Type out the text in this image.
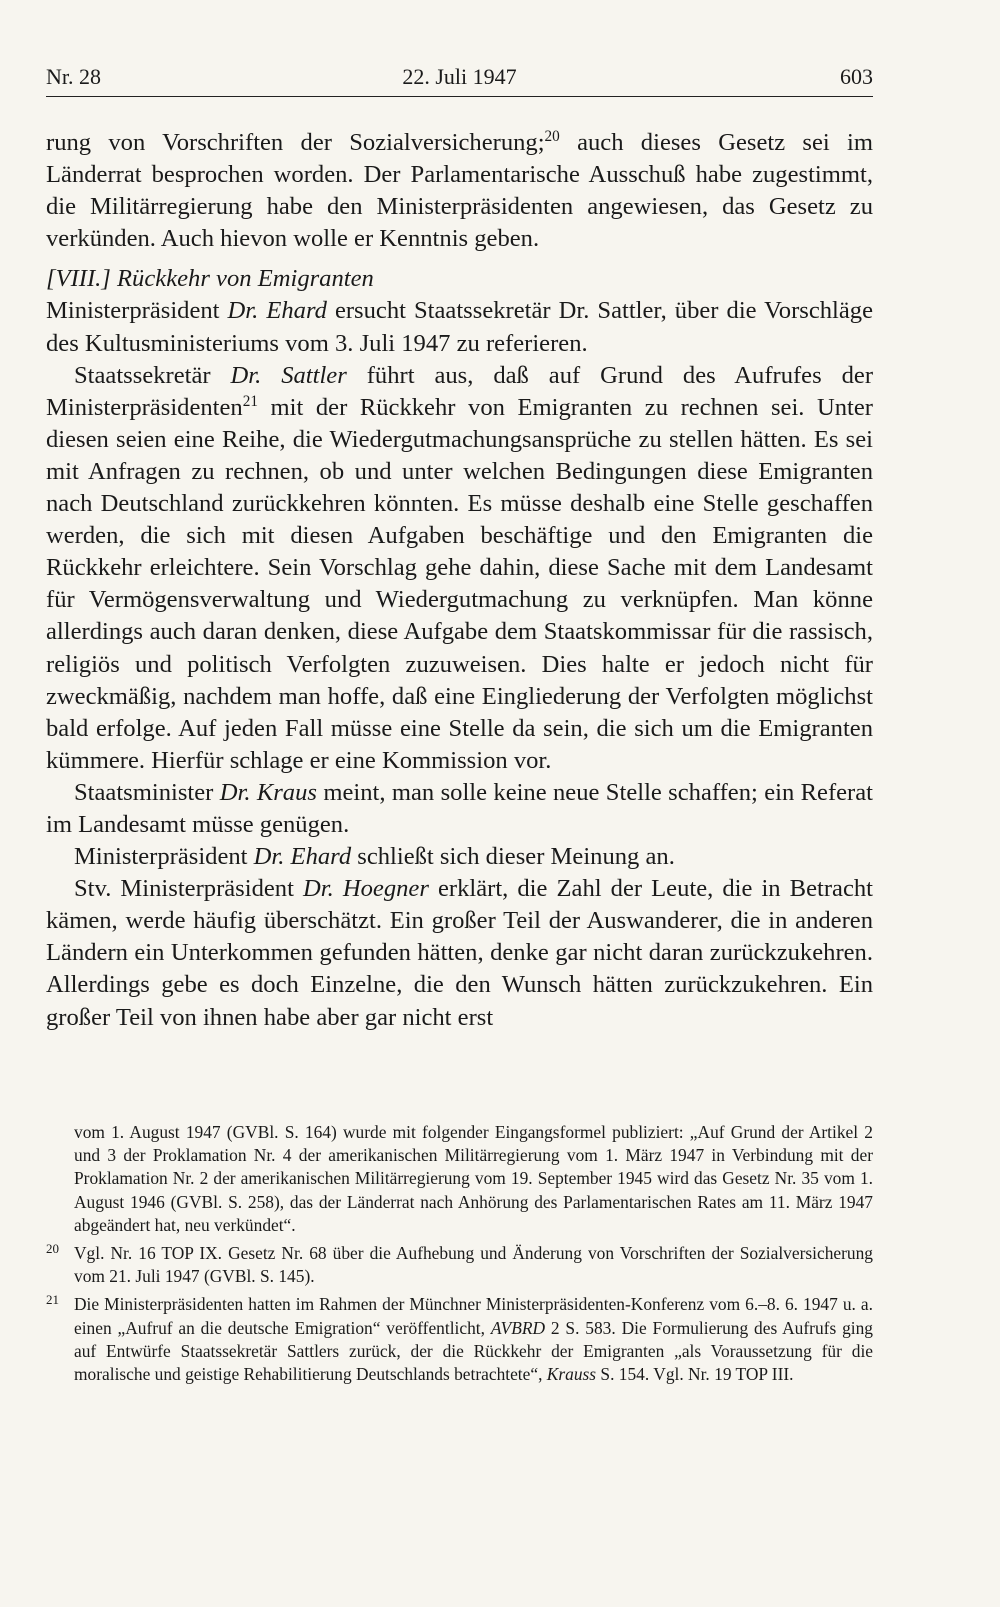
Nr. 28	22. Juli 1947	603

rung von Vorschriften der Sozialversicherung;$^{20}$ auch dieses Gesetz sei im Länderrat besprochen worden. Der Parlamentarische Ausschuß habe zugestimmt, die Militärregierung habe den Ministerpräsidenten angewiesen, das Gesetz zu verkünden. Auch hievon wolle er Kenntnis geben.

[VIII.] Rückkehr von Emigranten

Ministerpräsident Dr. Ehard ersucht Staatssekretär Dr. Sattler, über die Vorschläge des Kultusministeriums vom 3. Juli 1947 zu referieren.

Staatssekretär Dr. Sattler führt aus, daß auf Grund des Aufrufes der Ministerpräsidenten$^{21}$ mit der Rückkehr von Emigranten zu rechnen sei. Unter diesen seien eine Reihe, die Wiedergutmachungsansprüche zu stellen hätten. Es sei mit Anfragen zu rechnen, ob und unter welchen Bedingungen diese Emigranten nach Deutschland zurückkehren könnten. Es müsse deshalb eine Stelle geschaffen werden, die sich mit diesen Aufgaben beschäftige und den Emigranten die Rückkehr erleichtere. Sein Vorschlag gehe dahin, diese Sache mit dem Landesamt für Vermögensverwaltung und Wiedergutmachung zu verknüpfen. Man könne allerdings auch daran denken, diese Aufgabe dem Staatskommissar für die rassisch, religiös und politisch Verfolgten zuzuweisen. Dies halte er jedoch nicht für zweckmäßig, nachdem man hoffe, daß eine Eingliederung der Verfolgten möglichst bald erfolge. Auf jeden Fall müsse eine Stelle da sein, die sich um die Emigranten kümmere. Hierfür schlage er eine Kommission vor.

Staatsminister Dr. Kraus meint, man solle keine neue Stelle schaffen; ein Referat im Landesamt müsse genügen.

Ministerpräsident Dr. Ehard schließt sich dieser Meinung an.

Stv. Ministerpräsident Dr. Hoegner erklärt, die Zahl der Leute, die in Betracht kämen, werde häufig überschätzt. Ein großer Teil der Auswanderer, die in anderen Ländern ein Unterkommen gefunden hätten, denke gar nicht daran zurückzukehren. Allerdings gebe es doch Einzelne, die den Wunsch hätten zurückzukehren. Ein großer Teil von ihnen habe aber gar nicht erst

vom 1. August 1947 (GVBl. S. 164) wurde mit folgender Eingangsformel publiziert: „Auf Grund der Artikel 2 und 3 der Proklamation Nr. 4 der amerikanischen Militärregierung vom 1. März 1947 in Verbindung mit der Proklamation Nr. 2 der amerikanischen Militärregierung vom 19. September 1945 wird das Gesetz Nr. 35 vom 1. August 1946 (GVBl. S. 258), das der Länderrat nach Anhörung des Parlamentarischen Rates am 11. März 1947 abgeändert hat, neu verkündet“.

20 Vgl. Nr. 16 TOP IX. Gesetz Nr. 68 über die Aufhebung und Änderung von Vorschriften der Sozialversicherung vom 21. Juli 1947 (GVBl. S. 145).

21 Die Ministerpräsidenten hatten im Rahmen der Münchner Ministerpräsidenten-Konferenz vom 6.–8. 6. 1947 u. a. einen „Aufruf an die deutsche Emigration“ veröffentlicht, AVBRD 2 S. 583. Die Formulierung des Aufrufs ging auf Entwürfe Staatssekretär Sattlers zurück, der die Rückkehr der Emigranten „als Voraussetzung für die moralische und geistige Rehabilitierung Deutschlands betrachtete“, Krauss S. 154. Vgl. Nr. 19 TOP III.
